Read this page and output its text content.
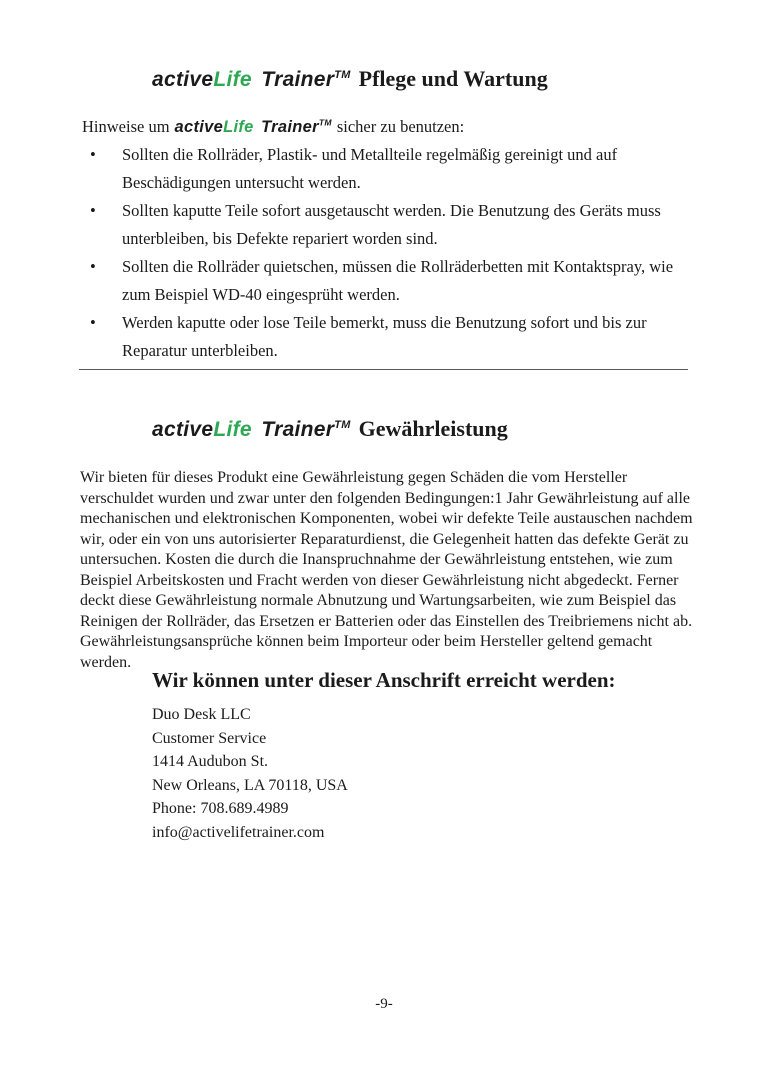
activeLife Trainer™ Pflege und Wartung
Hinweise um activeLife Trainer™ sicher zu benutzen:
•	Sollten die Rollräder, Plastik- und Metallteile regelmäßig gereinigt und auf Beschädigungen untersucht werden.
•	Sollten kaputte Teile sofort ausgetauscht werden. Die Benutzung des Geräts muss unterbleiben, bis Defekte repariert worden sind.
•	Sollten die Rollräder quietschen, müssen die Rollräderbetten mit Kontaktspray, wie zum Beispiel WD-40 eingesprüht werden.
•	Werden kaputte oder lose Teile bemerkt, muss die Benutzung sofort und bis zur Reparatur unterbleiben.
activeLife Trainer™ Gewährleistung
Wir bieten für dieses Produkt eine Gewährleistung gegen Schäden die vom Hersteller verschuldet wurden und zwar unter den folgenden Bedingungen:1 Jahr Gewährleistung auf alle mechanischen und elektronischen Komponenten, wobei wir defekte Teile austauschen nachdem wir, oder ein von uns autorisierter Reparaturdienst, die Gelegenheit hatten das defekte Gerät zu untersuchen. Kosten die durch die Inanspruchnahme der Gewährleistung entstehen, wie zum Beispiel Arbeitskosten und Fracht werden von dieser Gewährleistung nicht abgedeckt. Ferner deckt diese Gewährleistung normale Abnutzung und Wartungsarbeiten, wie zum Beispiel das Reinigen der Rollräder, das Ersetzen er Batterien oder das Einstellen des Treibriemens nicht ab. Gewährleistungsansprüche können beim Importeur oder beim Hersteller geltend gemacht werden.
Wir können unter dieser Anschrift erreicht werden:
Duo Desk LLC
Customer Service
1414 Audubon St.
New Orleans, LA 70118, USA
Phone: 708.689.4989
info@activelifetrainer.com
-9-
